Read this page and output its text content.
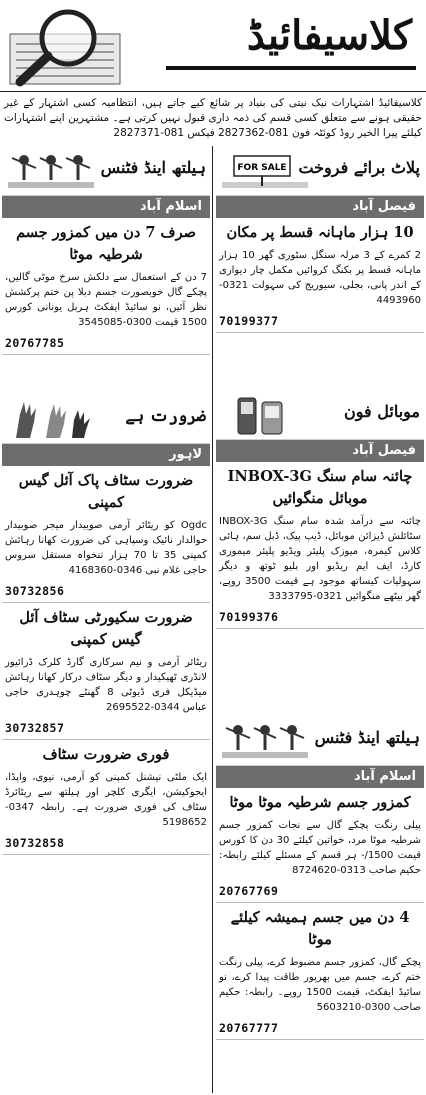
کلاسیفائیڈ
کلاسیفائیڈ اشتہارات نیک نیتی کی بنیاد پر شائع کیے جاتے ہیں، انتظامیہ کسی اشتہار کے غیر حقیقی ہونے سے متعلق کسی قسم کی ذمہ داری قبول نہیں کرتی ہے۔ مشتہرین اپنے اشتہارات کیلئے پیرا الخیر روڈ کوئٹہ فون 081-2827362 فیکس 081-2827371
FOR SALE پلاٹ برائے فروخت
فیصل آباد
10 ہزار ماہانہ قسط پر مکان
2 کمرے کے 3 مرلہ سنگل سٹوری گھر 10 ہزار ماہانہ قسط پر بکنگ کروائیں مکمل چار دیواری کے اندر پانی، بجلی، سیوریج کی سہولت 0321-4493960
70199377
موبائل فون
فیصل آباد
چائنہ سام سنگ INBOX-3G موبائل منگوائیں
چائنہ سے درآمد شدہ سام سنگ INBOX-3G سٹائلش ڈیزائن موبائل، ڈیپ پیک، ڈبل سم، ہائی کلاس کیمرہ، میوزک پلیئر ویڈیو پلیئر میموری کارڈ، ایف ایم ریڈیو اور بلیو ٹوتھ و دیگر سہولیات کیساتھ موجود ہے قیمت 3500 روپے، گھر بیٹھے منگوائیں 0321-3333795
70199376
ہیلتھ اینڈ فٹنس
اسلام آباد
کمزور جسم شرطیہ موٹا موٹا
پیلی رنگت پچکے گال سے نجات کمزور جسم شرطیہ موٹا مرد، خواتین کیلئے 30 دن کا کورس قیمت 1500/- ہر قسم کے مسئلے کیلئے رابطہ: حکیم صاحب 0313-8724620
20767769
4 دن میں جسم ہمیشہ کیلئے موٹا
پچکے گال، کمزور جسم مضبوط کرے، پیلی رنگت ختم کرے، جسم میں بھرپور طاقت پیدا کرے، نو سائیڈ ایفکٹ، قیمت 1500 روپے۔ رابطہ: حکیم صاحب 0300-5603210
20767777
ہیلتھ اینڈ فٹنس
اسلام آباد
صرف 7 دن میں کمزور جسم شرطیہ موٹا
7 دن کے استعمال سے دلکش سرخ موٹی گالیں، پچکے گال خوبصورت جسم دبلا پن ختم پرکشش نظر آئیں، نو سائیڈ ایفکٹ ہربل یونانی کورس 1500 قیمت 0300-3545085
20767785
ضرورت ہے
لاہور
ضرورت سٹاف پاک آئل گیس کمپنی
Ogdc کو ریٹائر آرمی صوبیدار میجر صوبیدار حوالدار نائیک وسپاہی کی ضرورت کھانا رہائش کمپنی 35 تا 70 ہزار تنخواہ مستقل سروس حاجی غلام نبی 0346-4168360
30732856
ضرورت سکیورٹی سٹاف آئل گیس کمپنی
ریٹائر آرمی و نیم سرکاری گارڈ کلرک ڈرائیور لانڈری ٹھیکیدار و دیگر سٹاف درکار کھانا رہائش میڈیکل فری ڈیوٹی 8 گھنٹے چوہدری حاجی عباس 0344-2695522
30732857
فوری ضرورت سٹاف
ایک ملٹی نیشنل کمپنی کو آرمی، نیوی، واپڈا، ایجوکیشن، ایگری کلچر اور ہیلتھ سے ریٹائرڈ سٹاف کی فوری ضرورت ہے۔ رابطہ 0347-5198652
30732858
